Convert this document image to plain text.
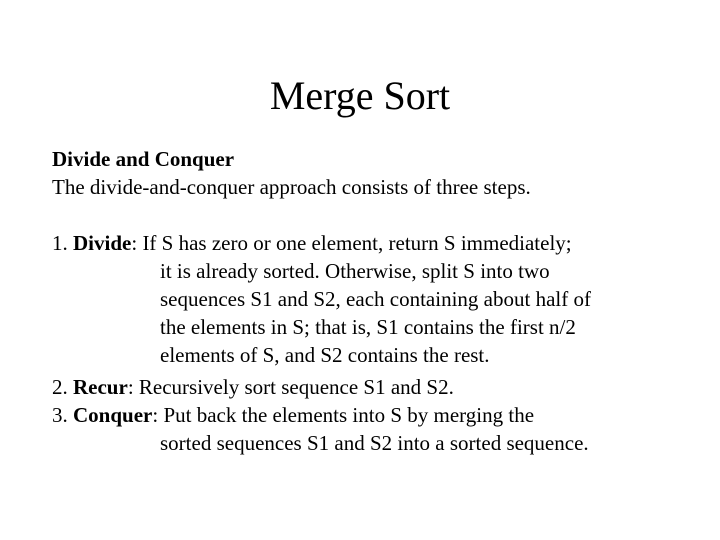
Merge Sort
Divide and Conquer
The divide-and-conquer approach consists of three steps.
1. Divide: If S has zero or one element, return S immediately;
it is already sorted. Otherwise, split S into two
sequences S1 and S2, each containing about half of
the elements in S; that is, S1 contains the first n/2
elements of S, and S2 contains the rest.
2. Recur: Recursively sort sequence S1 and S2.
3. Conquer: Put back the elements into S by merging the
sorted sequences S1 and S2 into a sorted sequence.
